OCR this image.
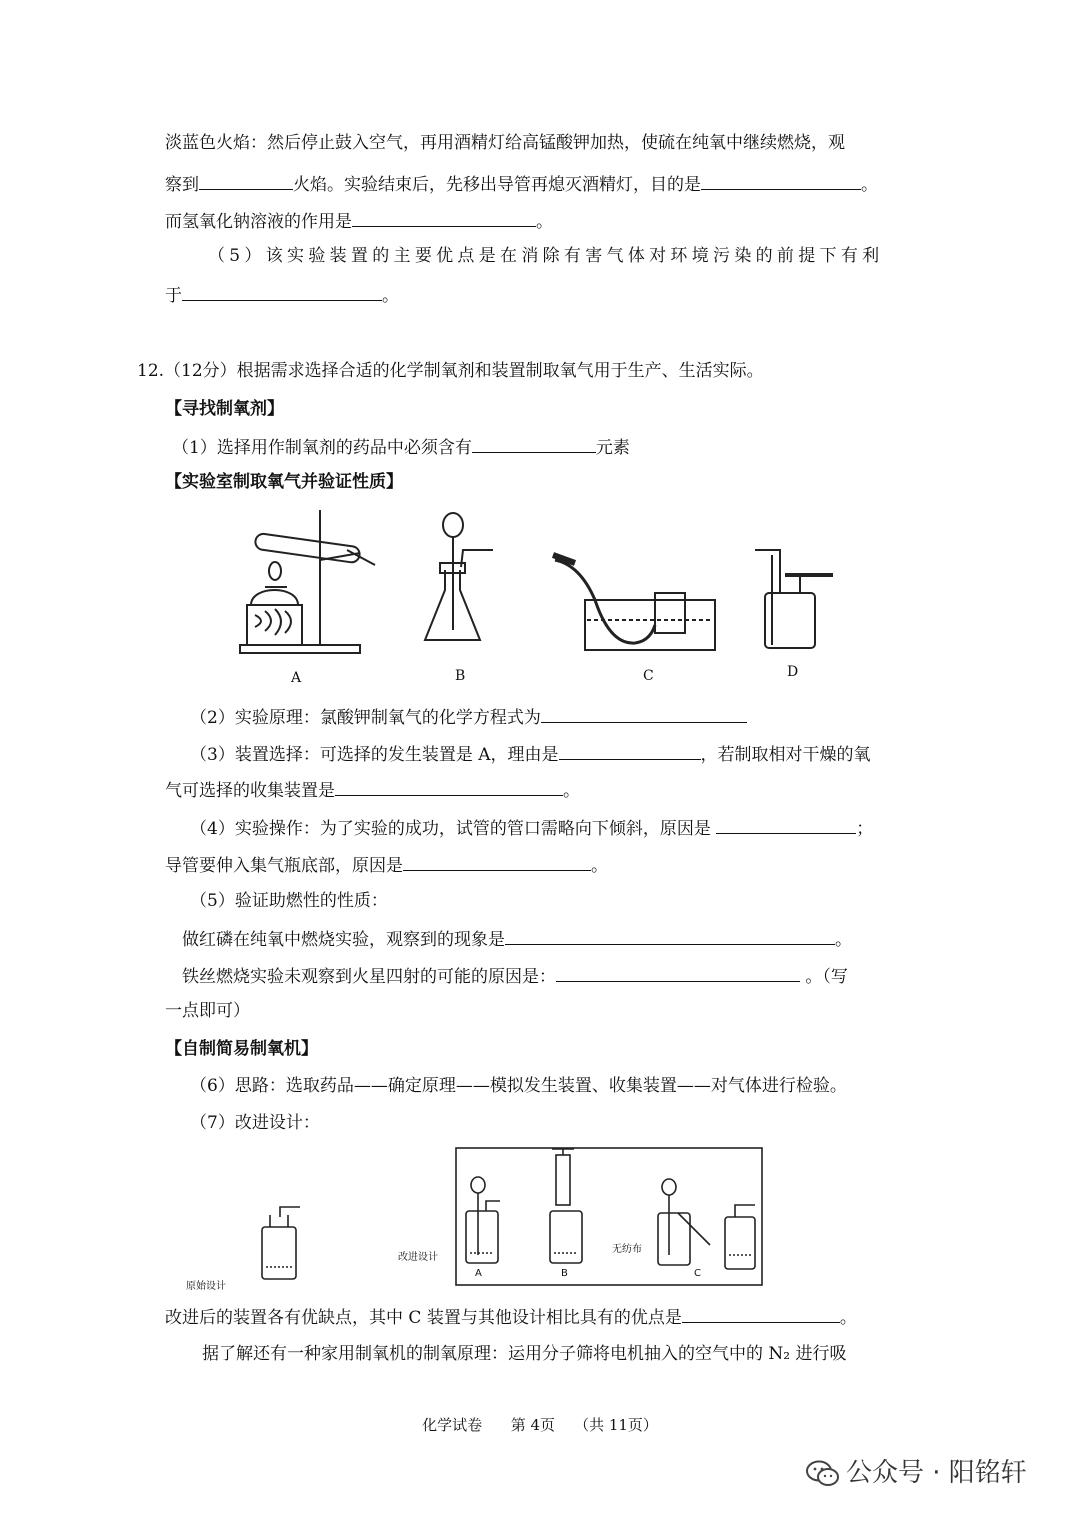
淡蓝色火焰：然后停止鼓入空气，再用酒精灯给高锰酸钾加热，使硫在纯氧中继续燃烧，观
察到	火焰。实验结束后，先移出导管再熄灭酒精灯，目的是	。
而氢氧化钠溶液的作用是	。
（5）该实验装置的主要优点是在消除有害气体对环境污染的前提下有利
于	。
12.（12分）根据需求选择合适的化学制氧剂和装置制取氧气用于生产、生活实际。
【寻找制氧剂】
（1）选择用作制氧剂的药品中必须含有	元素
【实验室制取氧气并验证性质】
A	B	C	D
（2）实验原理：氯酸钾制氧气的化学方程式为
（3）装置选择：可选择的发生装置是 A，理由是	，若制取相对干燥的氧
气可选择的收集装置是	。
（4）实验操作：为了实验的成功，试管的管口需略向下倾斜，原因是	；
导管要伸入集气瓶底部，原因是	。
（5）验证助燃性的性质：
做红磷在纯氧中燃烧实验，观察到的现象是	。
铁丝燃烧实验未观察到火星四射的可能的原因是：	。（写
一点即可）
【自制简易制氧机】
（6）思路：选取药品——确定原理——模拟发生装置、收集装置——对气体进行检验。
（7）改进设计：
原始设计
改进设计
无纺布
A	B	C
改进后的装置各有优缺点，其中 C 装置与其他设计相比具有的优点是	。
据了解还有一种家用制氧机的制氧原理：运用分子筛将电机抽入的空气中的 N₂ 进行吸
化学试卷 第 4页 （共 11页）
公众号 · 阳铭轩
